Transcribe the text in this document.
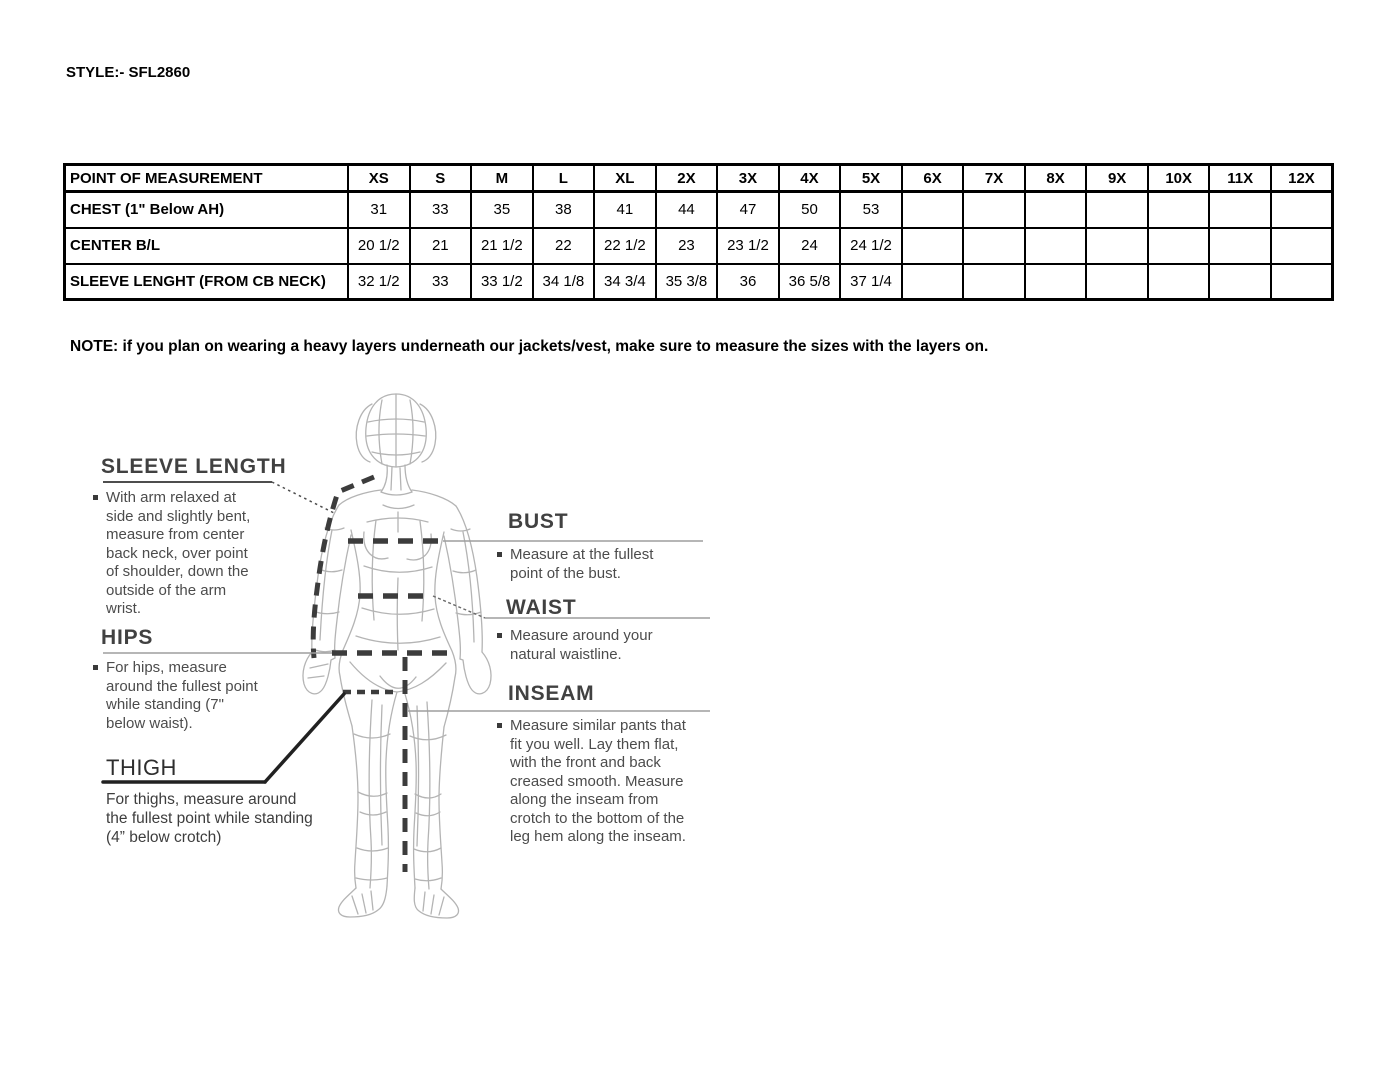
STYLE:- SFL2860
POINT OF MEASUREMENT	XS	S	M	L	XL	2X	3X	4X	5X	6X	7X	8X	9X	10X	11X	12X
CHEST (1" Below AH)	31	33	35	38	41	44	47	50	53							
CENTER B/L	20 1/2	21	21 1/2	22	22 1/2	23	23 1/2	24	24 1/2							
SLEEVE LENGHT (FROM CB NECK)	32 1/2	33	33 1/2	34 1/8	34 3/4	35 3/8	36	36 5/8	37 1/4							
NOTE: if you plan on wearing a heavy layers underneath our jackets/vest, make sure to measure the sizes with the layers on.
SLEEVE LENGTH

With arm relaxed at side and slightly bent, measure from center back neck, over point of shoulder, down the outside of the arm wrist.

HIPS

For hips, measure around the fullest point while standing (7" below waist).

THIGH

For thighs, measure around the fullest point while standing (4” below crotch)

BUST

Measure at the fullest point of the bust.

WAIST

Measure around your natural waistline.

INSEAM

Measure similar pants that fit you well. Lay them flat, with the front and back creased smooth. Measure along the inseam from crotch to the bottom of the leg hem along the inseam.
